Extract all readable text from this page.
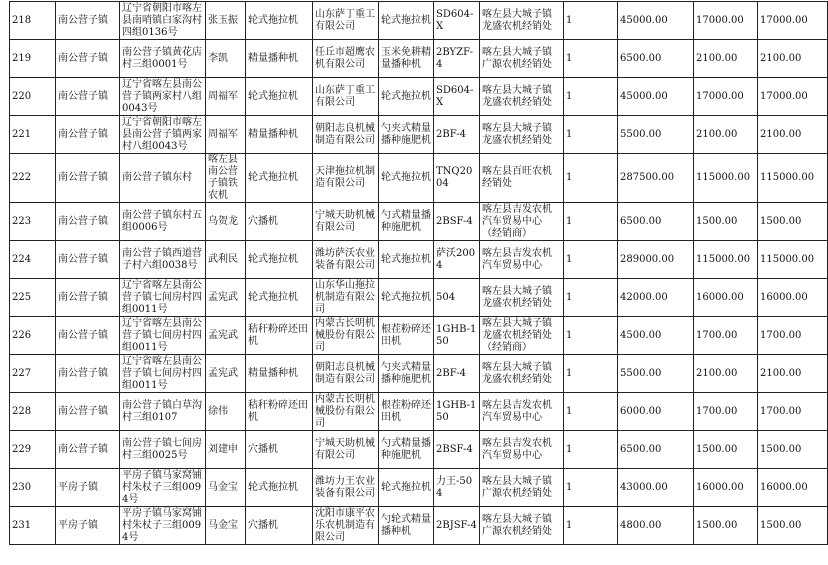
218	南公营子镇	辽宁省朝阳市喀左县南哨镇白家沟村四组0136号	张玉振	轮式拖拉机	山东萨丁重工有限公司	轮式拖拉机	SD604-X	喀左县大城子镇龙盛农机经销处	1	45000.00	17000.00	17000.00
219	南公营子镇	南公营子镇黄花店村三组0001号	李凯	精量播种机	任丘市超鹰农机有限公司	玉米免耕精量播种机	2BYZF-4	喀左县大城子镇广源农机经销处	1	6500.00	2100.00	2100.00
220	南公营子镇	辽宁省喀左县南公营子镇两家村八组0043号	周福军	轮式拖拉机	山东萨丁重工有限公司	轮式拖拉机	SD604-X	喀左县大城子镇龙盛农机经销处	1	45000.00	17000.00	17000.00
221	南公营子镇	辽宁省朝阳市喀左县南公营子镇两家村八组0043号	周福军	精量播种机	朝阳志良机械制造有限公司	勺夹式精量播种施肥机	2BF-4	喀左县大城子镇龙盛农机经销处	1	5500.00	2100.00	2100.00
222	南公营子镇	南公营子镇东村	喀左县南公营子镇铁农机	轮式拖拉机	天津拖拉机制造有限公司	轮式拖拉机	TNQ2004	喀左县百旺农机经销处	1	287500.00	115000.00	115000.00
223	南公营子镇	南公营子镇东村五组0006号	乌贺龙	穴播机	宁城天助机械有限公司	勺式精量播种施肥机	2BSF-4	喀左县吉发农机汽车贸易中心（经销商）	1	6500.00	1500.00	1500.00
224	南公营子镇	南公营子镇西道营子村六组0038号	武利民	轮式拖拉机	潍坊萨沃农业装备有限公司	轮式拖拉机	萨沃2004	喀左县吉发农机汽车贸易中心	1	289000.00	115000.00	115000.00
225	南公营子镇	辽宁省喀左县南公营子镇七间房村四组0011号	孟宪武	轮式拖拉机	山东华山拖拉机制造有限公司	轮式拖拉机	504	喀左县大城子镇龙盛农机经销处	1	42000.00	16000.00	16000.00
226	南公营子镇	辽宁省喀左县南公营子镇七间房村四组0011号	孟宪武	秸秆粉碎还田机	内蒙古长明机械股份有限公司	根茬粉碎还田机	1GHB-150	喀左县大城子镇龙盛农机经销处（经销商）	1	4500.00	1700.00	1700.00
227	南公营子镇	辽宁省喀左县南公营子镇七间房村四组0011号	孟宪武	精量播种机	朝阳志良机械制造有限公司	勺夹式精量播种施肥机	2BF-4	喀左县大城子镇龙盛农机经销处	1	5500.00	2100.00	2100.00
228	南公营子镇	南公营子镇白草沟村三组0107	徐伟	秸秆粉碎还田机	内蒙古长明机械股份有限公司	根茬粉碎还田机	1GHB-150	喀左县吉发农机汽车贸易中心	1	6000.00	1700.00	1700.00
229	南公营子镇	南公营子镇七间房村三组0025号	刘建申	穴播机	宁城天助机械有限公司	勺式精量播种施肥机	2BSF-4	喀左县吉发农机汽车贸易中心	1	6500.00	1500.00	1500.00
230	平房子镇	平房子镇马家窝铺村朱杖子三组0094号	马金宝	轮式拖拉机	潍坊力王农业装备有限公司	轮式拖拉机	力王-504	喀左县大城子镇广源农机经销处	1	43000.00	16000.00	16000.00
231	平房子镇	平房子镇马家窝铺村朱杖子三组0094号	马金宝	穴播机	沈阳市康平农乐农机制造有限公司	勺轮式精量播种机	2BJSF-4	喀左县大城子镇广源农机经销处	1	4800.00	1500.00	1500.00
